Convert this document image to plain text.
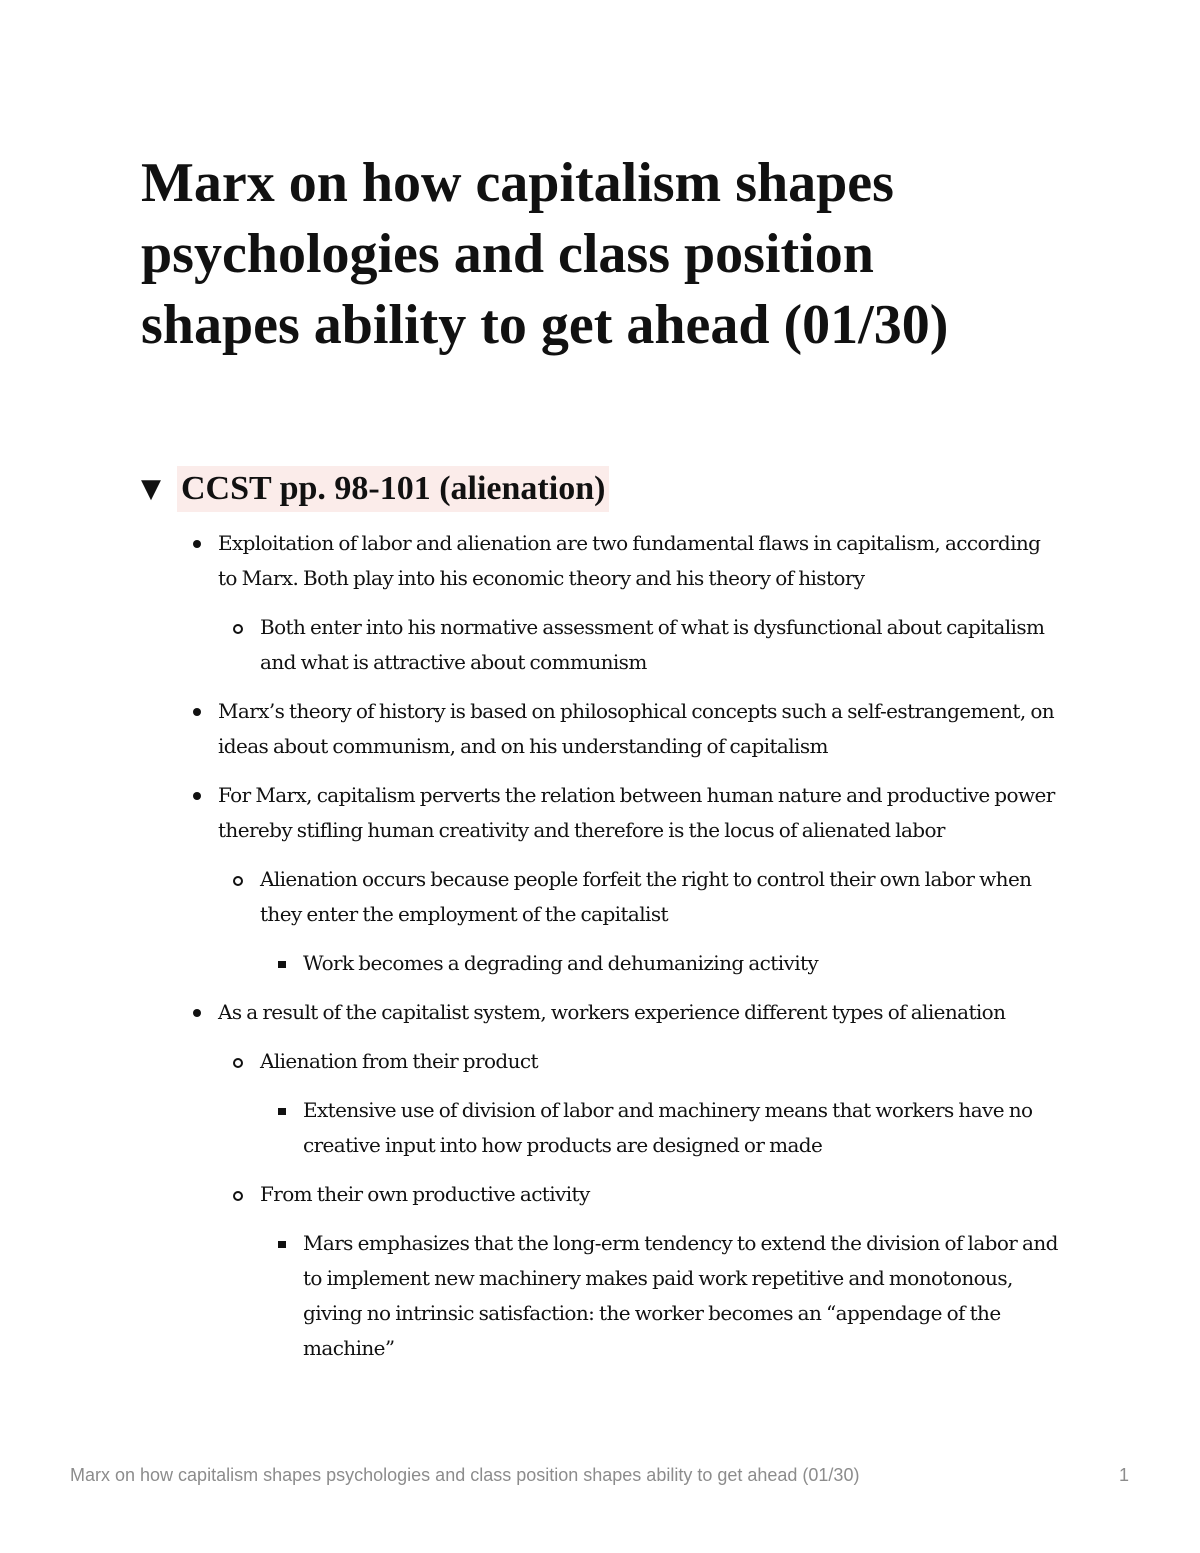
Marx on how capitalism shapes psychologies and class position shapes ability to get ahead (01/30)
▼ CCST pp. 98-101 (alienation)
Exploitation of labor and alienation are two fundamental flaws in capitalism, according to Marx. Both play into his economic theory and his theory of history
Both enter into his normative assessment of what is dysfunctional about capitalism and what is attractive about communism
Marx’s theory of history is based on philosophical concepts such a self-estrangement, on ideas about communism, and on his understanding of capitalism
For Marx, capitalism perverts the relation between human nature and productive power thereby stifling human creativity and therefore is the locus of alienated labor
Alienation occurs because people forfeit the right to control their own labor when they enter the employment of the capitalist
Work becomes a degrading and dehumanizing activity
As a result of the capitalist system, workers experience different types of alienation
Alienation from their product
Extensive use of division of labor and machinery means that workers have no creative input into how products are designed or made
From their own productive activity
Mars emphasizes that the long-erm tendency to extend the division of labor and to implement new machinery makes paid work repetitive and monotonous, giving no intrinsic satisfaction: the worker becomes an “appendage of the machine”
Marx on how capitalism shapes psychologies and class position shapes ability to get ahead (01/30)	1
